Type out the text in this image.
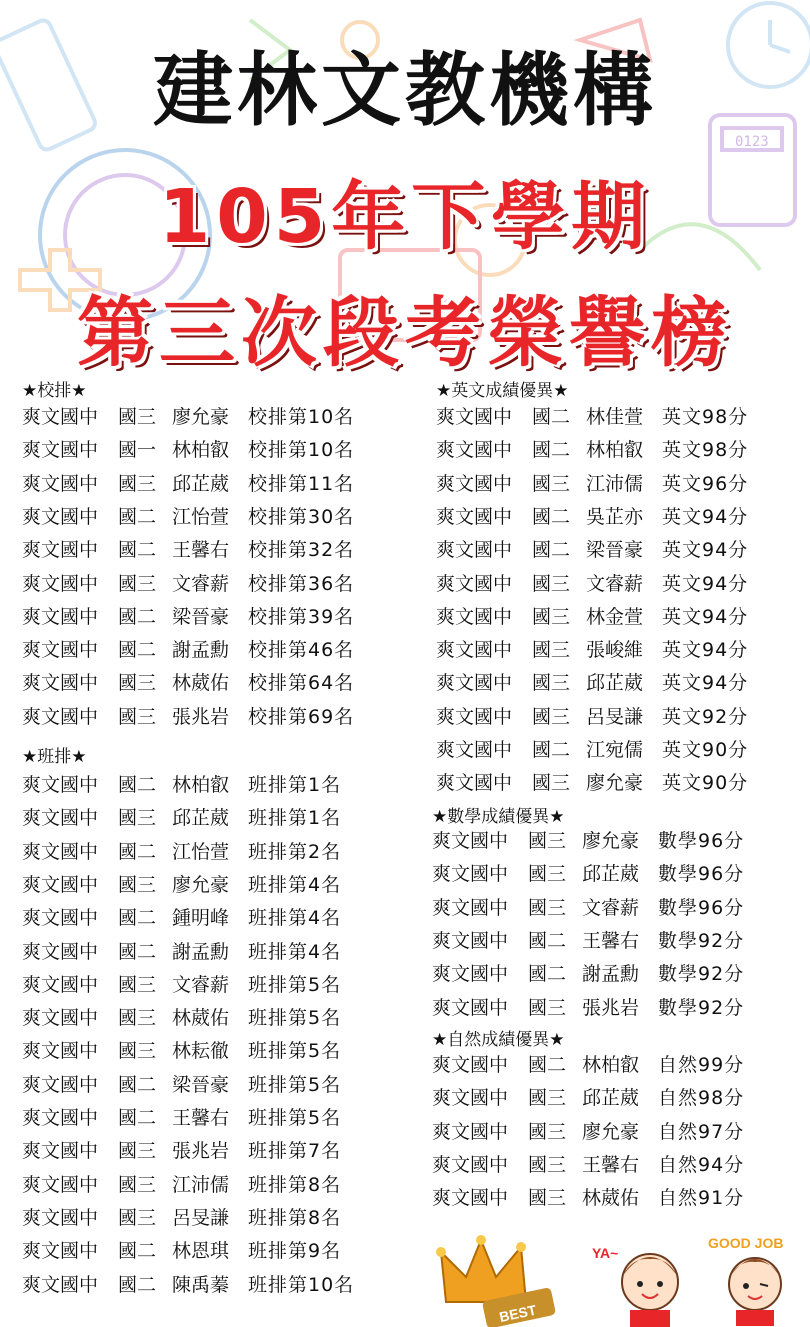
0123
建林文教機構
105年下學期
第三次段考榮譽榜
★校排★
爽文國中 國三 廖允豪 校排第10名
爽文國中 國一 林柏叡 校排第10名
爽文國中 國三 邱芷葳 校排第11名
爽文國中 國二 江怡萱 校排第30名
爽文國中 國二 王馨右 校排第32名
爽文國中 國三 文睿薪 校排第36名
爽文國中 國二 梁晉豪 校排第39名
爽文國中 國二 謝孟勳 校排第46名
爽文國中 國三 林葳佑 校排第64名
爽文國中 國三 張兆岩 校排第69名
★班排★
爽文國中 國二 林柏叡 班排第1名
爽文國中 國三 邱芷葳 班排第1名
爽文國中 國二 江怡萱 班排第2名
爽文國中 國三 廖允豪 班排第4名
爽文國中 國二 鍾明峰 班排第4名
爽文國中 國二 謝孟勳 班排第4名
爽文國中 國三 文睿薪 班排第5名
爽文國中 國三 林葳佑 班排第5名
爽文國中 國三 林耘徹 班排第5名
爽文國中 國二 梁晉豪 班排第5名
爽文國中 國二 王馨右 班排第5名
爽文國中 國三 張兆岩 班排第7名
爽文國中 國三 江沛儒 班排第8名
爽文國中 國三 呂旻謙 班排第8名
爽文國中 國二 林恩琪 班排第9名
爽文國中 國二 陳禹蓁 班排第10名
★英文成績優異★
爽文國中 國二 林佳萱 英文98分
爽文國中 國二 林柏叡 英文98分
爽文國中 國三 江沛儒 英文96分
爽文國中 國二 吳芷亦 英文94分
爽文國中 國二 梁晉豪 英文94分
爽文國中 國三 文睿薪 英文94分
爽文國中 國三 林金萱 英文94分
爽文國中 國三 張峻維 英文94分
爽文國中 國三 邱芷葳 英文94分
爽文國中 國三 呂旻謙 英文92分
爽文國中 國二 江宛儒 英文90分
爽文國中 國三 廖允豪 英文90分
★數學成績優異★
爽文國中 國三 廖允豪 數學96分
爽文國中 國三 邱芷葳 數學96分
爽文國中 國三 文睿薪 數學96分
爽文國中 國二 王馨右 數學92分
爽文國中 國二 謝孟勳 數學92分
爽文國中 國三 張兆岩 數學92分
★自然成績優異★
爽文國中 國二 林柏叡 自然99分
爽文國中 國三 邱芷葳 自然98分
爽文國中 國三 廖允豪 自然97分
爽文國中 國三 王馨右 自然94分
爽文國中 國三 林葳佑 自然91分
BEST
YA~
GOOD JOB
